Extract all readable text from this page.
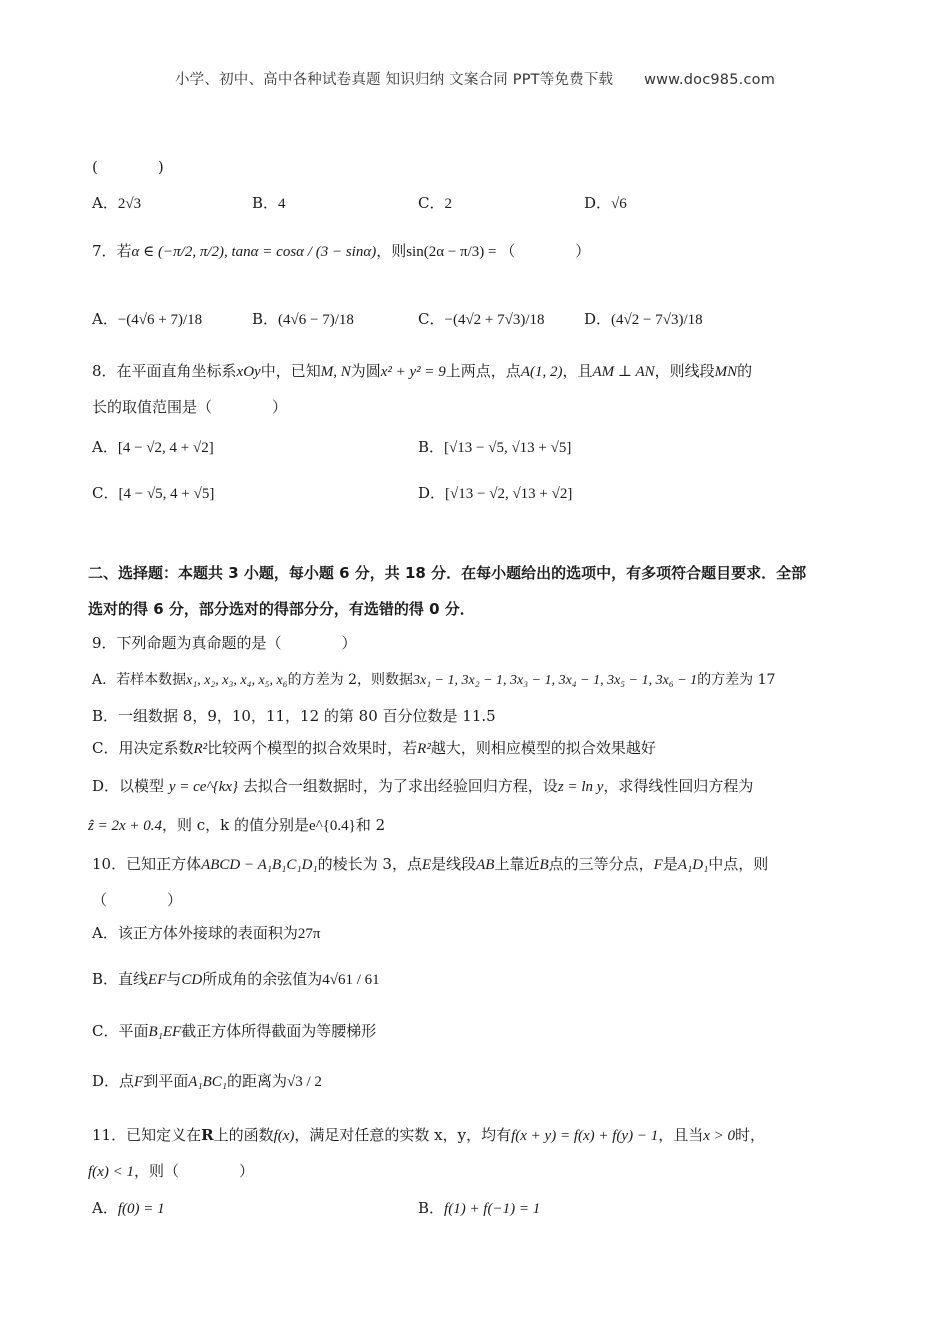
小学、初中、高中各种试卷真题 知识归纳 文案合同 PPT等免费下载 www.doc985.com
(　　　　)
A．2√3	B．4	C．2	D．√6
7．若α ∈ (−π/2, π/2), tanα = cosα / (3 − sinα)，则sin(2α − π/3) = （　　　　）
A．−(4√6 + 7)/18	B．(4√6 − 7)/18	C．−(4√2 + 7√3)/18	D．(4√2 − 7√3)/18
8．在平面直角坐标系xOy中，已知M, N为圆x² + y² = 9上两点，点A(1, 2)，且AM ⊥ AN，则线段MN的
长的取值范围是（　　　　）
A．[4 − √2, 4 + √2]	B．[√13 − √5, √13 + √5]
C．[4 − √5, 4 + √5]	D．[√13 − √2, √13 + √2]
二、选择题：本题共 3 小题，每小题 6 分，共 18 分．在每小题给出的选项中，有多项符合题目要求．全部
选对的得 6 分，部分选对的得部分分，有选错的得 0 分．
9．下列命题为真命题的是（　　　　）
A．若样本数据x₁, x₂, x₃, x₄, x₅, x₆的方差为 2，则数据3x₁ − 1, 3x₂ − 1, 3x₃ − 1, 3x₄ − 1, 3x₅ − 1, 3x₆ − 1的方差为 17
B．一组数据 8，9，10，11，12 的第 80 百分位数是 11.5
C．用决定系数R²比较两个模型的拟合效果时，若R²越大，则相应模型的拟合效果越好
D．以模型 y = ce^{kx} 去拟合一组数据时，为了求出经验回归方程，设z = ln y，求得线性回归方程为
ẑ = 2x + 0.4，则 c，k 的值分别是e^{0.4}和 2
10．已知正方体ABCD − A₁B₁C₁D₁的棱长为 3，点E是线段AB上靠近B点的三等分点，F是A₁D₁中点，则
（　　　　）
A．该正方体外接球的表面积为27π
B．直线EF与CD所成角的余弦值为4√61 / 61
C．平面B₁EF截正方体所得截面为等腰梯形
D．点F到平面A₁BC₁的距离为√3 / 2
11．已知定义在R上的函数f(x)，满足对任意的实数 x，y，均有f(x + y) = f(x) + f(y) − 1，且当x > 0时，
f(x) < 1，则（　　　　）
A．f(0) = 1	B．f(1) + f(−1) = 1
